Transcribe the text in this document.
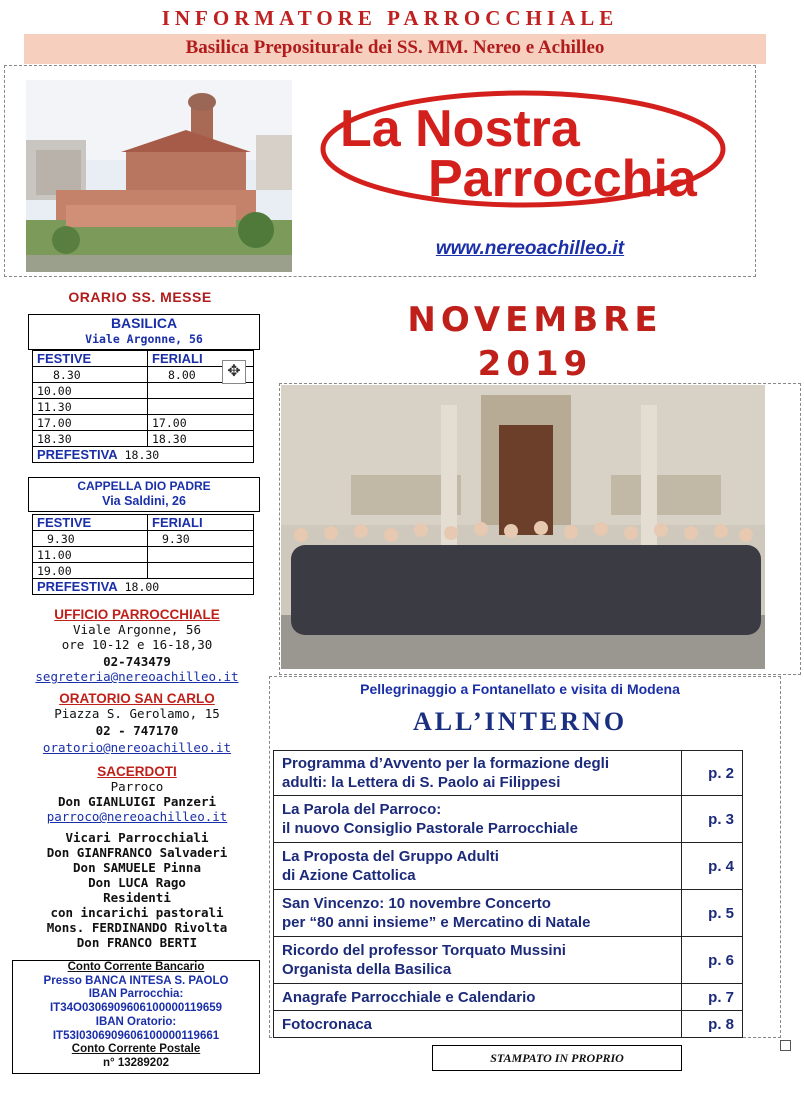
INFORMATORE PARROCCHIALE
Basilica Prepositurale dei SS. MM. Nereo e Achilleo
La Nostra
Parrocchia
www.nereoachilleo.it
NOVEMBRE
2019
Pellegrinaggio a Fontanellato e visita di Modena
ALL’INTERNO
Programma d’Avvento per la formazione degli
adulti: la Lettera di S. Paolo ai Filippesi	p. 2

La Parola del Parroco:
il nuovo Consiglio Pastorale Parrocchiale	p. 3

La Proposta del Gruppo Adulti
di Azione Cattolica	p. 4

San Vincenzo: 10 novembre Concerto
per “80 anni insieme” e Mercatino di Natale	p. 5

Ricordo del professor Torquato Mussini
Organista della Basilica	p. 6

Anagrafe Parrocchiale e Calendario	p. 7

Fotocronaca	p. 8
STAMPATO IN PROPRIO
ORARIO SS. MESSE
BASILICA
Viale Argonne, 56
FESTIVE	FERIALI
8.30	8.00
10.00	
11.30	
17.00	17.00
18.30	18.30
PREFESTIVA 18.30	
✥
CAPPELLA DIO PADRE
Via Saldini, 26
FESTIVE	FERIALI
9.30	9.30
11.00	
19.00	
PREFESTIVA 18.00	
UFFICIO PARROCCHIALE
Viale Argonne, 56
ore 10-12 e 16-18,30
02-743479
segreteria@nereoachilleo.it
ORATORIO SAN CARLO
Piazza S. Gerolamo, 15
02 - 747170
oratorio@nereoachilleo.it
SACERDOTI
Parroco
Don GIANLUIGI Panzeri
parroco@nereoachilleo.it
Vicari Parrocchiali
Don GIANFRANCO Salvaderi
Don SAMUELE Pinna
Don LUCA Rago
Residenti
con incarichi pastorali
Mons. FERDINANDO Rivolta
Don FRANCO BERTI
Conto Corrente Bancario
Presso BANCA INTESA S. PAOLO
IBAN Parrocchia:
IT34O0306909606100000119659
IBAN Oratorio:
IT53I0306909606100000119661
Conto Corrente Postale
n° 13289202
